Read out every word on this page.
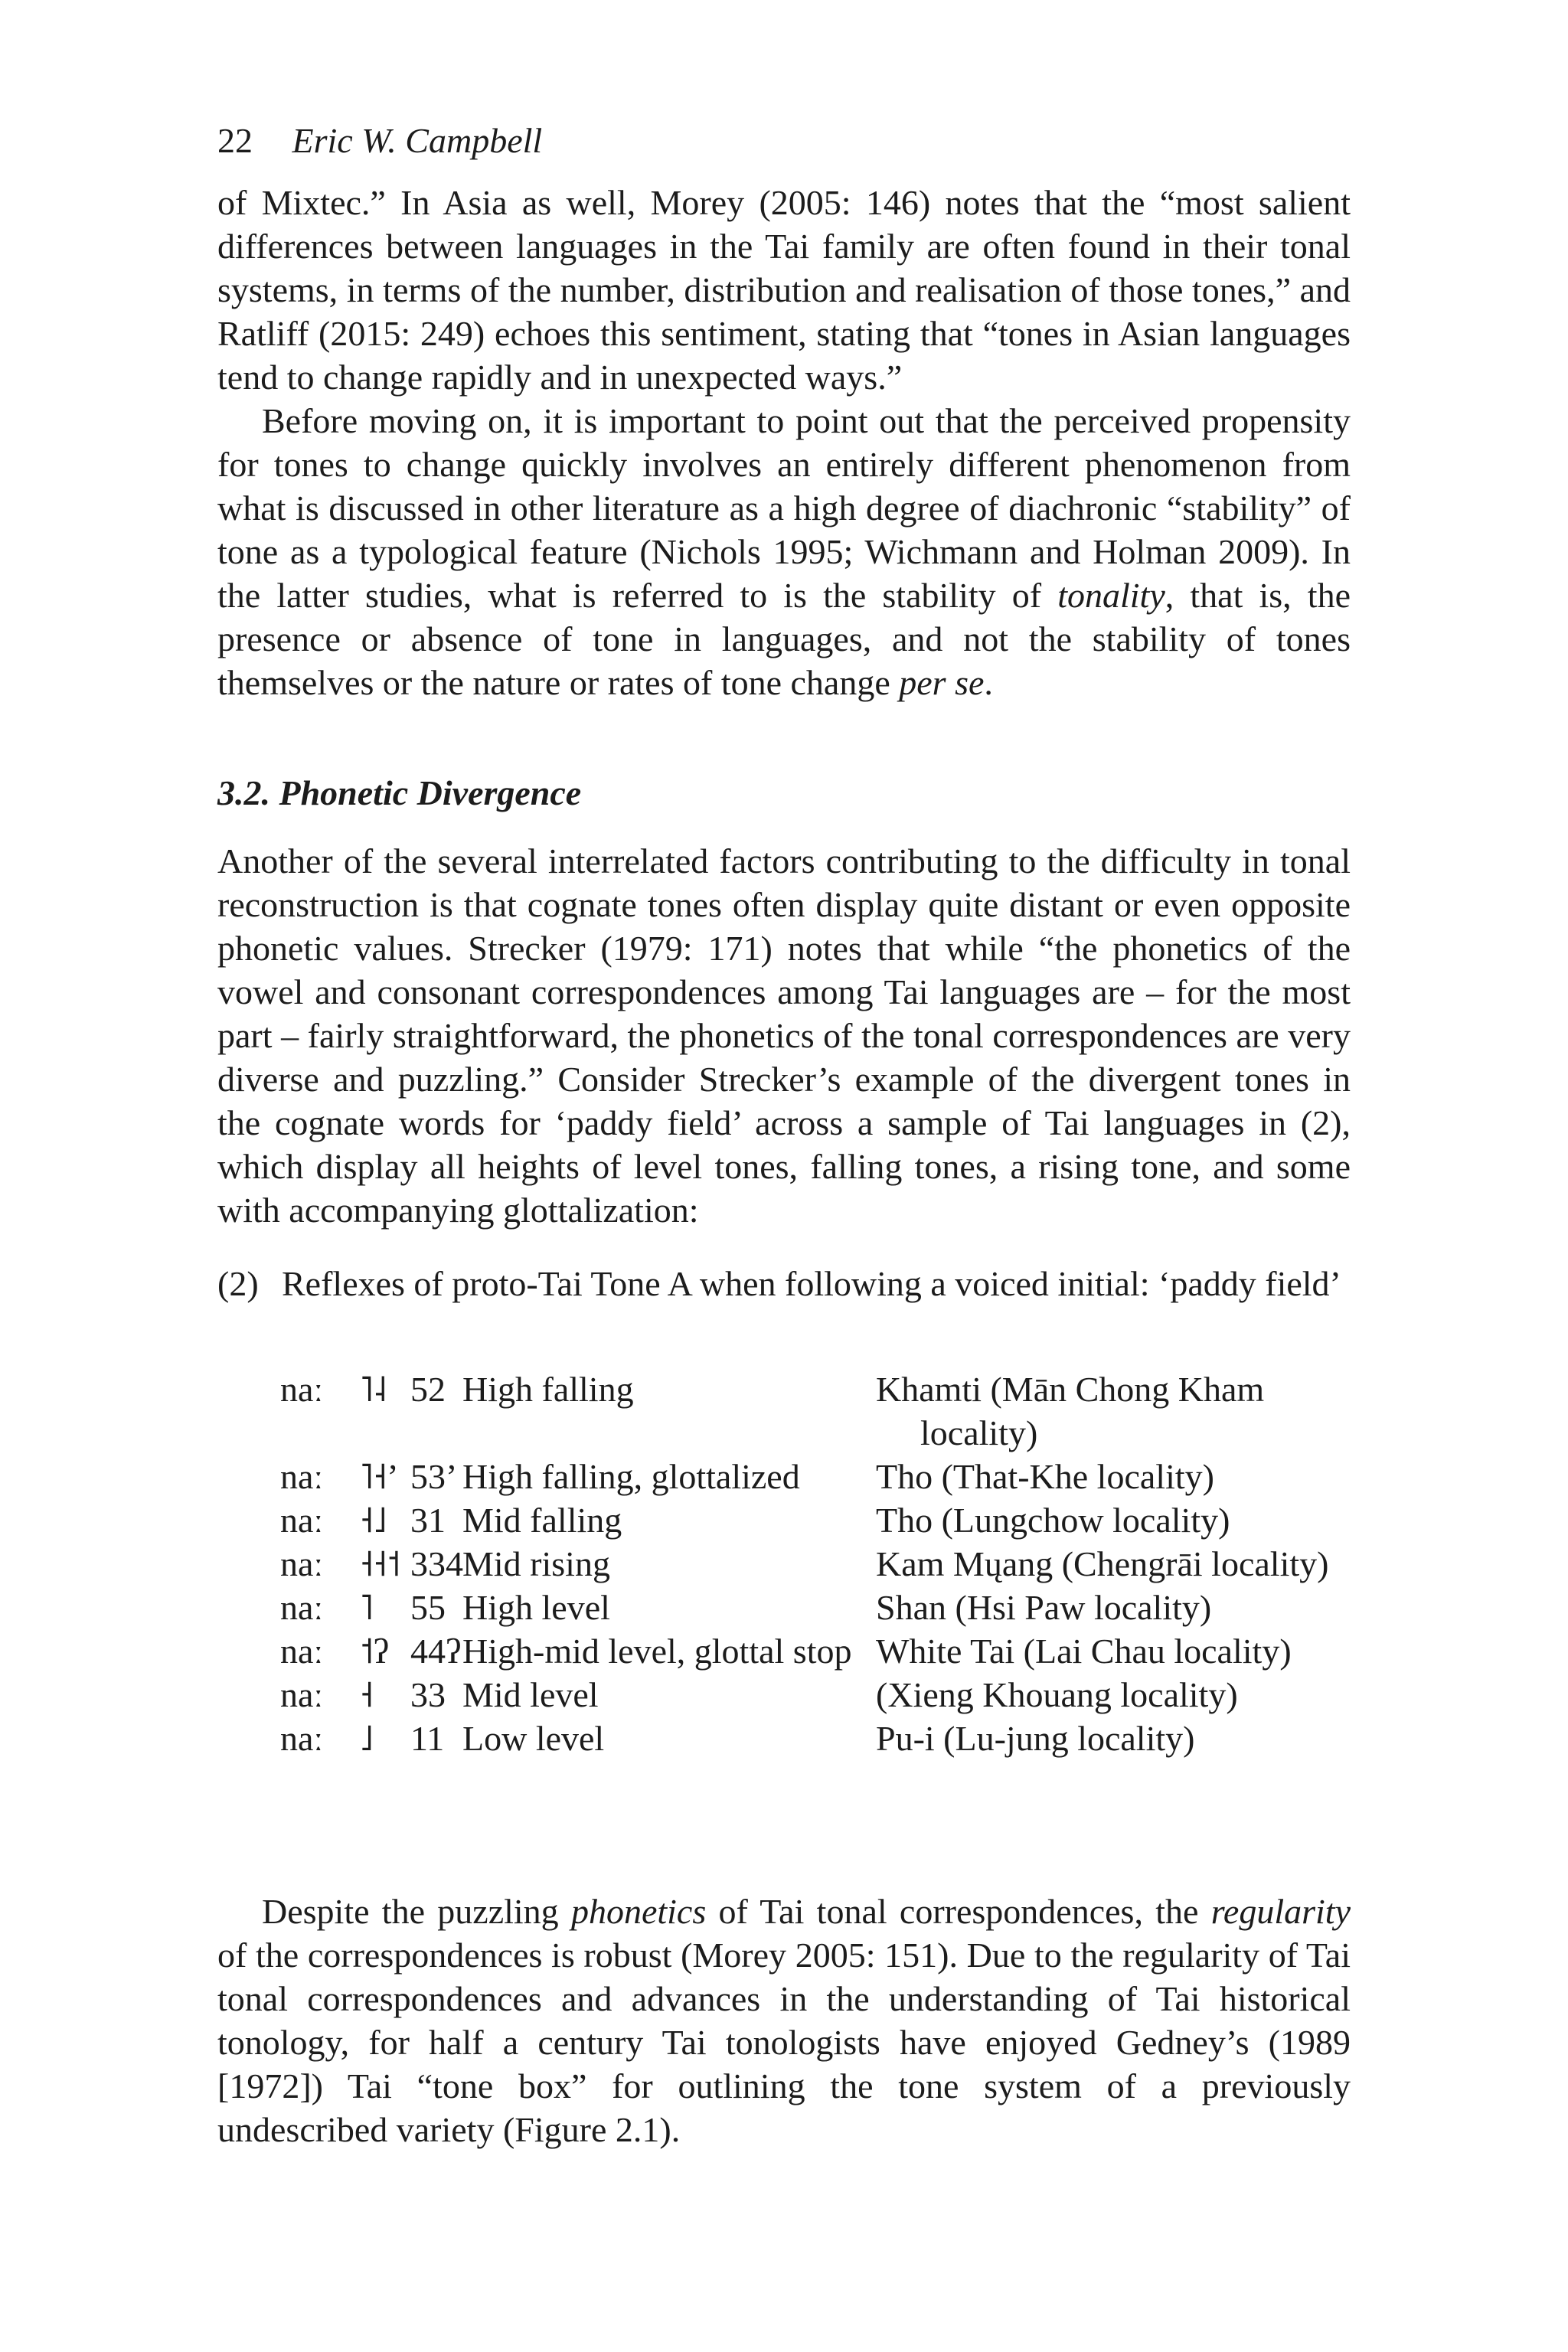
22 Eric W. Campbell

of Mixtec.” In Asia as well, Morey (2005: 146) notes that the “most salient differences between languages in the Tai family are often found in their tonal systems, in terms of the number, distribution and realisation of those tones,” and Ratliff (2015: 249) echoes this sentiment, stating that “tones in Asian languages tend to change rapidly and in unexpected ways.”

Before moving on, it is important to point out that the perceived propensity for tones to change quickly involves an entirely different phenomenon from what is discussed in other literature as a high degree of diachronic “stability” of tone as a typological feature (Nichols 1995; Wichmann and Holman 2009). In the latter studies, what is referred to is the stability of tonality, that is, the presence or absence of tone in languages, and not the stability of tones themselves or the nature or rates of tone change per se.

3.2. Phonetic Divergence

Another of the several interrelated factors contributing to the difficulty in tonal reconstruction is that cognate tones often display quite distant or even opposite phonetic values. Strecker (1979: 171) notes that while “the phonetics of the vowel and consonant correspondences among Tai languages are – for the most part – fairly straightforward, the phonetics of the tonal correspondences are very diverse and puzzling.” Consider Strecker’s example of the divergent tones in the cognate words for ‘paddy field’ across a sample of Tai languages in (2), which display all heights of level tones, falling tones, a rising tone, and some with accompanying glottalization:

(2) Reflexes of proto-Tai Tone A when following a voiced initial: ‘paddy field’
naː	˥˨	52	High falling	Khamti (Mān Chong Kham locality)
naː	˥˧’	53’	High falling, glottalized	Tho (That-Khe locality)
naː	˧˩	31	Mid falling	Tho (Lungchow locality)
naː	˧˧˦	334	Mid rising	Kam Mųang (Chengrāi locality)
naː	˥	55	High level	Shan (Hsi Paw locality)
naː	˦ʔ	44ʔ	High-mid level, glottal stop	White Tai (Lai Chau locality)
naː	˧	33	Mid level	(Xieng Khouang locality)
naː	˩	11	Low level	Pu-i (Lu-jung locality)

Despite the puzzling phonetics of Tai tonal correspondences, the regularity of the correspondences is robust (Morey 2005: 151). Due to the regularity of Tai tonal correspondences and advances in the understanding of Tai historical tonology, for half a century Tai tonologists have enjoyed Gedney’s (1989 [1972]) Tai “tone box” for outlining the tone system of a previously undescribed variety (Figure 2.1).
